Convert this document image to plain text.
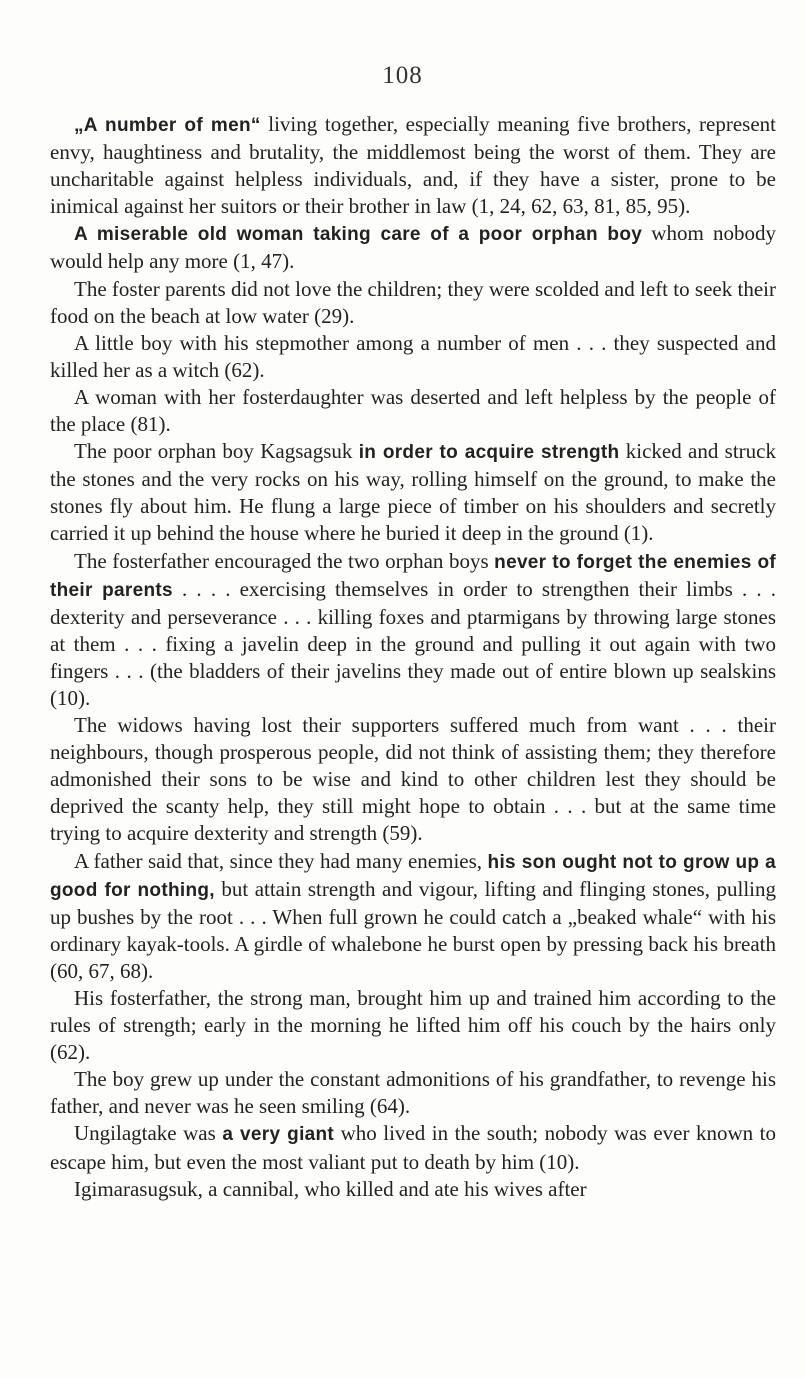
108

„A number of men“ living together, especially meaning five brothers, represent envy, haughtiness and brutality, the middlemost being the worst of them. They are uncharitable against helpless individuals, and, if they have a sister, prone to be inimical against her suitors or their brother in law (1, 24, 62, 63, 81, 85, 95).

A miserable old woman taking care of a poor orphan boy whom nobody would help any more (1, 47).

The foster parents did not love the children; they were scolded and left to seek their food on the beach at low water (29).

A little boy with his stepmother among a number of men . . . they suspected and killed her as a witch (62).

A woman with her fosterdaughter was deserted and left helpless by the people of the place (81).

The poor orphan boy Kagsagsuk in order to acquire strength kicked and struck the stones and the very rocks on his way, rolling himself on the ground, to make the stones fly about him. He flung a large piece of timber on his shoulders and secretly carried it up behind the house where he buried it deep in the ground (1).

The fosterfather encouraged the two orphan boys never to forget the enemies of their parents . . . . exercising themselves in order to strengthen their limbs . . . dexterity and perseverance . . . killing foxes and ptarmigans by throwing large stones at them . . . fixing a javelin deep in the ground and pulling it out again with two fingers . . . (the bladders of their javelins they made out of entire blown up sealskins (10).

The widows having lost their supporters suffered much from want . . . their neighbours, though prosperous people, did not think of assisting them; they therefore admonished their sons to be wise and kind to other children lest they should be deprived the scanty help, they still might hope to obtain . . . but at the same time trying to acquire dexterity and strength (59).

A father said that, since they had many enemies, his son ought not to grow up a good for nothing, but attain strength and vigour, lifting and flinging stones, pulling up bushes by the root . . . When full grown he could catch a „beaked whale“ with his ordinary kayak-tools. A girdle of whalebone he burst open by pressing back his breath (60, 67, 68).

His fosterfather, the strong man, brought him up and trained him according to the rules of strength; early in the morning he lifted him off his couch by the hairs only (62).

The boy grew up under the constant admonitions of his grandfather, to revenge his father, and never was he seen smiling (64).

Ungilagtake was a very giant who lived in the south; nobody was ever known to escape him, but even the most valiant put to death by him (10).

Igimarasugsuk, a cannibal, who killed and ate his wives after
